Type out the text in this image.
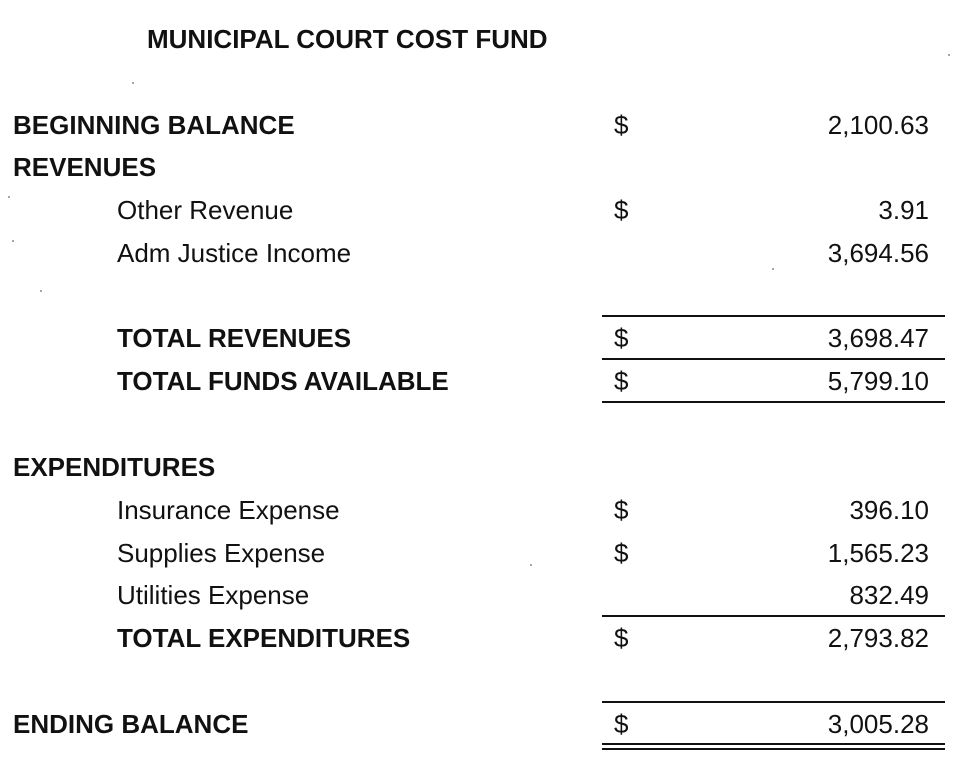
MUNICIPAL COURT COST FUND
BEGINNING BALANCE	$	2,100.63
REVENUES
Other Revenue	$	3.91
Adm Justice Income	3,694.56
TOTAL REVENUES	$	3,698.47
TOTAL FUNDS AVAILABLE	$	5,799.10
EXPENDITURES
Insurance Expense	$	396.10
Supplies Expense	$	1,565.23
Utilities Expense	832.49
TOTAL EXPENDITURES	$	2,793.82
ENDING BALANCE	$	3,005.28
